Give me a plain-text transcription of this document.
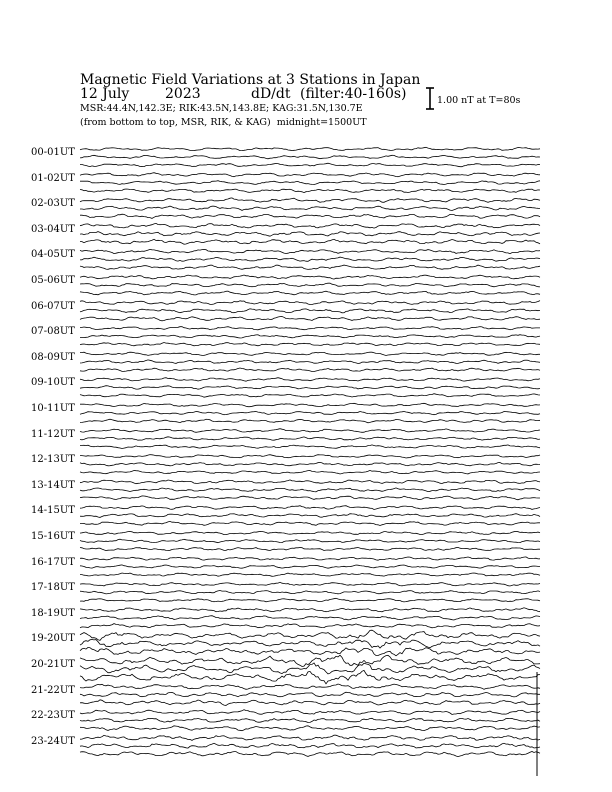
Magnetic Field Variations at 3 Stations in Japan
12 July	2023	dD/dt (filter:40-160s)
MSR:44.4N,142.3E; RIK:43.5N,143.8E; KAG:31.5N,130.7E
(from bottom to top, MSR, RIK, & KAG) midnight=1500UT
1.00 nT at T=80s
00-01UT
01-02UT
02-03UT
03-04UT
04-05UT
05-06UT
06-07UT
07-08UT
08-09UT
09-10UT
10-11UT
11-12UT
12-13UT
13-14UT
14-15UT
15-16UT
16-17UT
17-18UT
18-19UT
19-20UT
20-21UT
21-22UT
22-23UT
23-24UT
